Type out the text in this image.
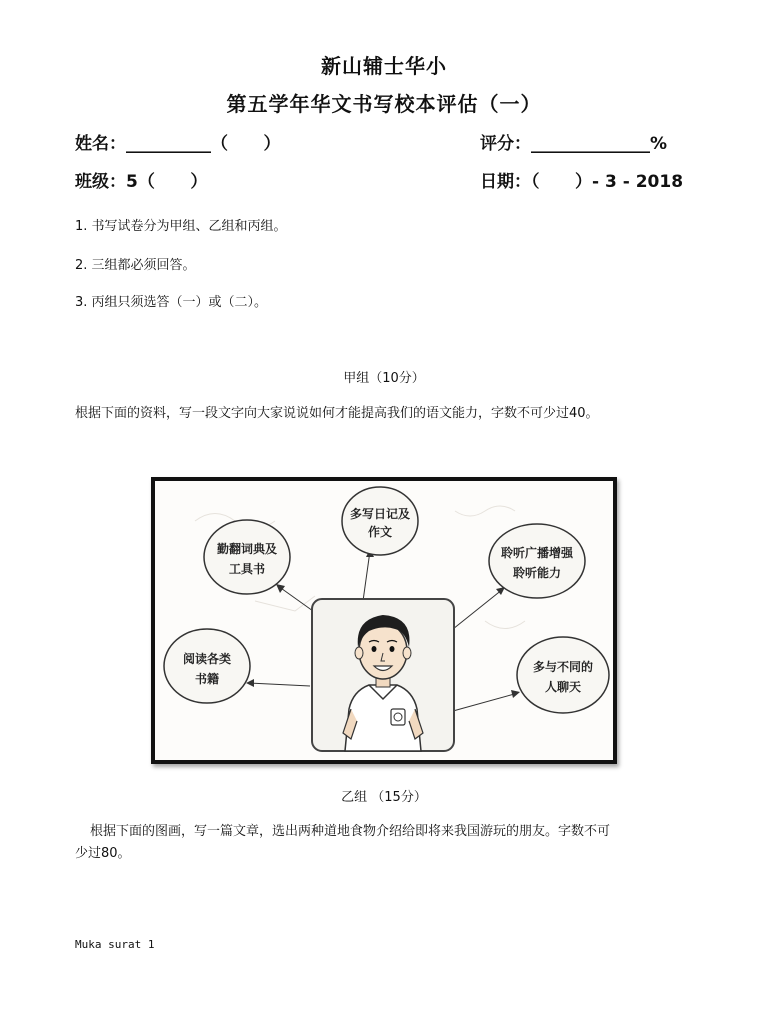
新山辅士华小
第五学年华文书写校本评估（一）
姓名：__________（      ）	评分：______________%
班级：5（      ）	日期：（      ）- 3 - 2018
1. 书写试卷分为甲组、乙组和丙组。
2. 三组都必须回答。
3. 丙组只须选答（一）或（二）。
甲组（10分）
根据下面的资料，写一段文字向大家说说如何才能提高我们的语文能力，字数不可少过40。
多写日记及
作文
勤翻词典及
工具书
聆听广播增强
聆听能力
阅读各类
书籍
多与不同的
人聊天
乙组 （15分）
根据下面的图画，写一篇文章，选出两种道地食物介绍给即将来我国游玩的朋友。字数不可
少过80。
Muka surat 1
